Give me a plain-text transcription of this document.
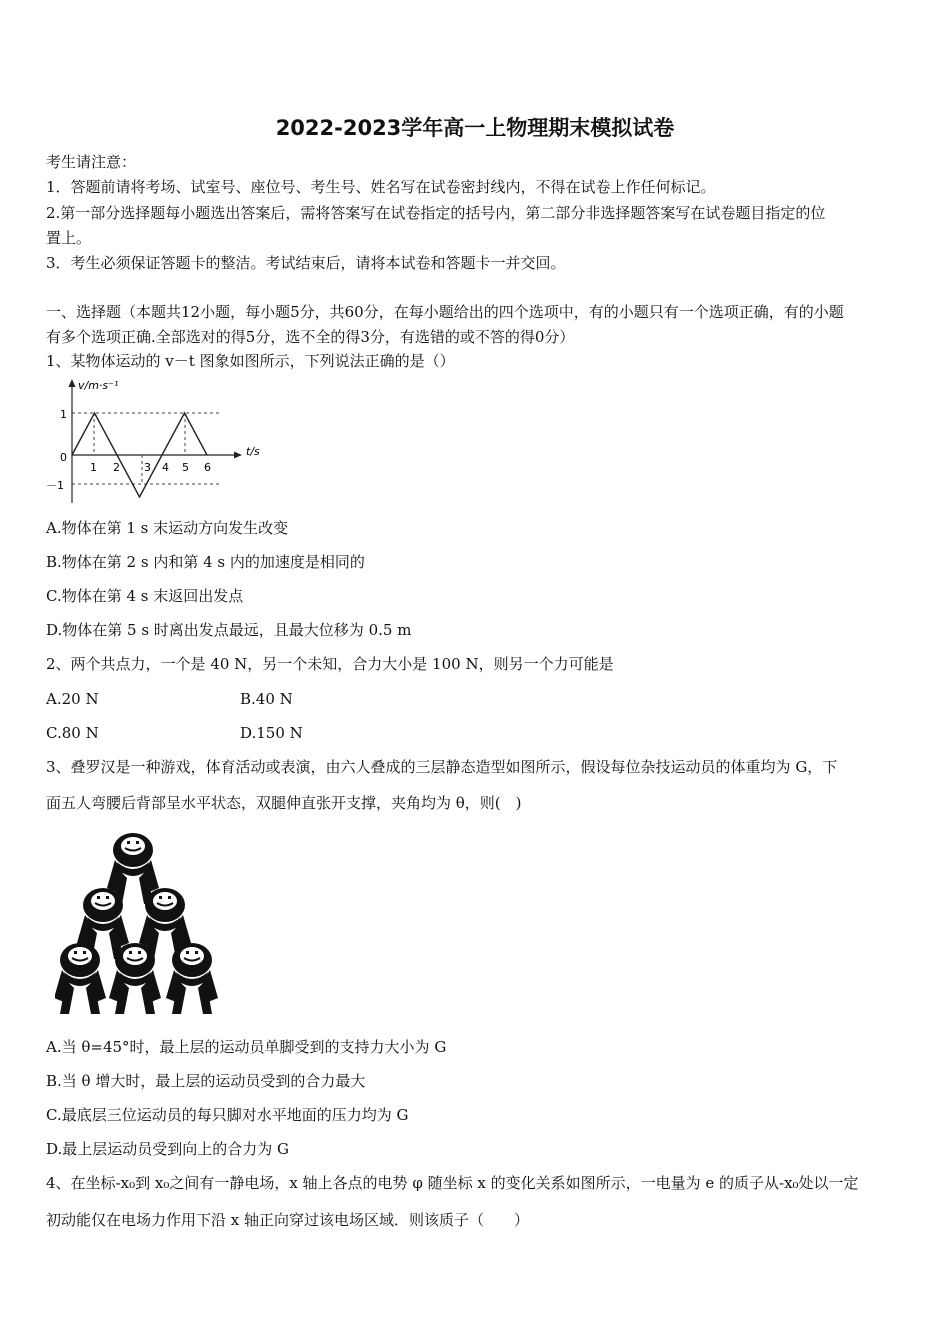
2022-2023学年高一上物理期末模拟试卷
考生请注意：
1．答题前请将考场、试室号、座位号、考生号、姓名写在试卷密封线内，不得在试卷上作任何标记。
2.第一部分选择题每小题选出答案后，需将答案写在试卷指定的括号内，第二部分非选择题答案写在试卷题目指定的位
置上。
3．考生必须保证答题卡的整洁。考试结束后，请将本试卷和答题卡一并交回。
一、选择题（本题共12小题，每小题5分，共60分，在每小题给出的四个选项中，有的小题只有一个选项正确，有的小题
有多个选项正确.全部选对的得5分，选不全的得3分，有选错的或不答的得0分）
1、某物体运动的 v－t 图象如图所示，下列说法正确的是（）
v/m·s⁻¹
t/s
0
1
－1
1 2 3 4 5 6
A.物体在第 1 s 末运动方向发生改变
B.物体在第 2 s 内和第 4 s 内的加速度是相同的
C.物体在第 4 s 末返回出发点
D.物体在第 5 s 时离出发点最远，且最大位移为 0.5 m
2、两个共点力，一个是 40 N，另一个未知，合力大小是 100 N，则另一个力可能是
A.20 N	B.40 N
C.80 N	D.150 N
3、叠罗汉是一种游戏，体育活动或表演，由六人叠成的三层静态造型如图所示，假设每位杂技运动员的体重均为 G，下
面五人弯腰后背部呈水平状态，双腿伸直张开支撑，夹角均为 θ，则(　)
A.当 θ=45°时，最上层的运动员单脚受到的支持力大小为 G
B.当 θ 增大时，最上层的运动员受到的合力最大
C.最底层三位运动员的每只脚对水平地面的压力均为 G
D.最上层运动员受到向上的合力为 G
4、在坐标-x₀到 x₀之间有一静电场，x 轴上各点的电势 φ 随坐标 x 的变化关系如图所示，一电量为 e 的质子从-x₀处以一定
初动能仅在电场力作用下沿 x 轴正向穿过该电场区域．则该质子（　　）
